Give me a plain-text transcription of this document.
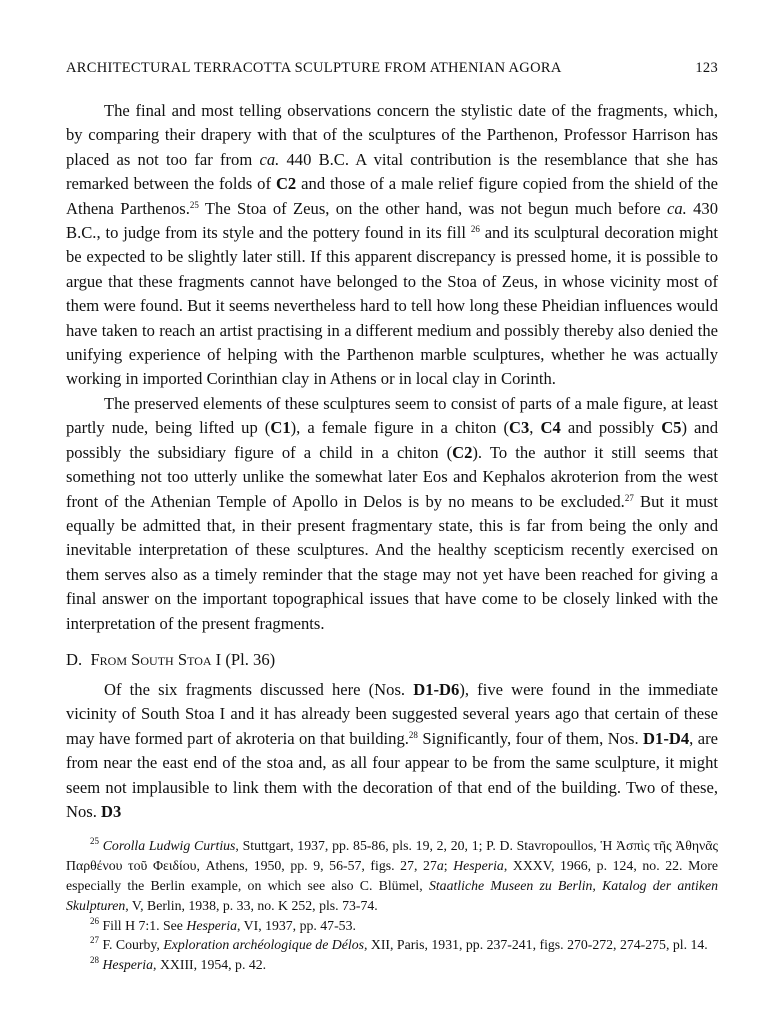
ARCHITECTURAL TERRACOTTA SCULPTURE FROM ATHENIAN AGORA	123

The final and most telling observations concern the stylistic date of the fragments, which, by comparing their drapery with that of the sculptures of the Parthenon, Professor Harrison has placed as not too far from ca. 440 B.C. A vital contribution is the resemblance that she has remarked between the folds of C2 and those of a male relief figure copied from the shield of the Athena Parthenos.$^{25}$ The Stoa of Zeus, on the other hand, was not begun much before ca. 430 B.C., to judge from its style and the pottery found in its fill $^{26}$ and its sculptural decoration might be expected to be slightly later still. If this apparent discrepancy is pressed home, it is possible to argue that these fragments cannot have belonged to the Stoa of Zeus, in whose vicinity most of them were found. But it seems nevertheless hard to tell how long these Pheidian influences would have taken to reach an artist practising in a different medium and possibly thereby also denied the unifying experience of helping with the Parthenon marble sculptures, whether he was actually working in imported Corinthian clay in Athens or in local clay in Corinth.

The preserved elements of these sculptures seem to consist of parts of a male figure, at least partly nude, being lifted up (C1), a female figure in a chiton (C3, C4 and possibly C5) and possibly the subsidiary figure of a child in a chiton (C2). To the author it still seems that something not too utterly unlike the somewhat later Eos and Kephalos akroterion from the west front of the Athenian Temple of Apollo in Delos is by no means to be excluded.$^{27}$ But it must equally be admitted that, in their present fragmentary state, this is far from being the only and inevitable interpretation of these sculptures. And the healthy scepticism recently exercised on them serves also as a timely reminder that the stage may not yet have been reached for giving a final answer on the important topographical issues that have come to be closely linked with the interpretation of the present fragments.

D. From South Stoa I (Pl. 36)

Of the six fragments discussed here (Nos. D1-D6), five were found in the immediate vicinity of South Stoa I and it has already been suggested several years ago that certain of these may have formed part of akroteria on that building.$^{28}$ Significantly, four of them, Nos. D1-D4, are from near the east end of the stoa and, as all four appear to be from the same sculpture, it might seem not implausible to link them with the decoration of that end of the building. Two of these, Nos. D3

$^{25}$ Corolla Ludwig Curtius, Stuttgart, 1937, pp. 85-86, pls. 19, 2, 20, 1; P. D. Stavropoullos, Ἡ Ἀσπὶς τῆς Ἀθηνᾶς Παρθένου τοῦ Φειδίου, Athens, 1950, pp. 9, 56-57, figs. 27, 27a; Hesperia, XXXV, 1966, p. 124, no. 22. More especially the Berlin example, on which see also C. Blümel, Staatliche Museen zu Berlin, Katalog der antiken Skulpturen, V, Berlin, 1938, p. 33, no. K 252, pls. 73-74.

$^{26}$ Fill H 7:1. See Hesperia, VI, 1937, pp. 47-53.

$^{27}$ F. Courby, Exploration archéologique de Délos, XII, Paris, 1931, pp. 237-241, figs. 270-272, 274-275, pl. 14.

$^{28}$ Hesperia, XXIII, 1954, p. 42.
